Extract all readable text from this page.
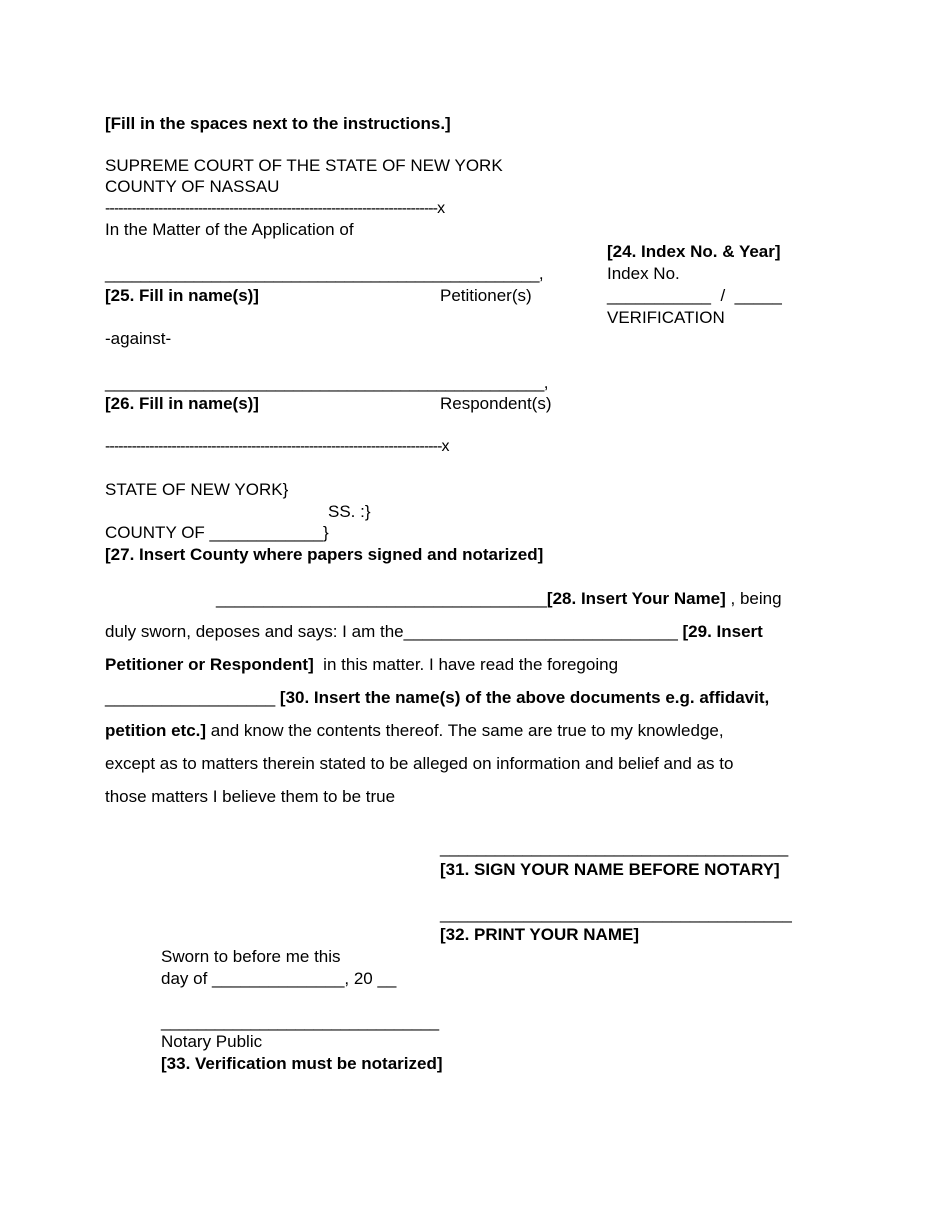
[Fill in the spaces next to the instructions.]
SUPREME COURT OF THE STATE OF NEW YORK
COUNTY OF NASSAU
---------------------------------------------------------------------------x
In the Matter of the Application of
_________________________________________________,
[25. Fill in name(s)]	Petitioner(s)
-against-
_________________________________________________,
[26. Fill in name(s)]	Respondent(s)
----------------------------------------------------------------------------x
[24. Index No. & Year]
Index No.
___________  /  _____
VERIFICATION
STATE OF NEW YORK}
SS. :}
COUNTY OF ____________}
[27. Insert County where papers signed and notarized]
___________________________________[28. Insert Your Name] , being
duly sworn, deposes and says: I am the_____________________________ [29. Insert
Petitioner or Respondent]  in this matter. I have read the foregoing
__________________ [30. Insert the name(s) of the above documents e.g. affidavit,
petition etc.] and know the contents thereof. The same are true to my knowledge,
except as to matters therein stated to be alleged on information and belief and as to
those matters I believe them to be true
______________________________________
[31. SIGN YOUR NAME BEFORE NOTARY]
______________________________________
[32. PRINT YOUR NAME]
Sworn to before me this
day of ______________, 20 __
_______________________________
Notary Public
[33. Verification must be notarized]
